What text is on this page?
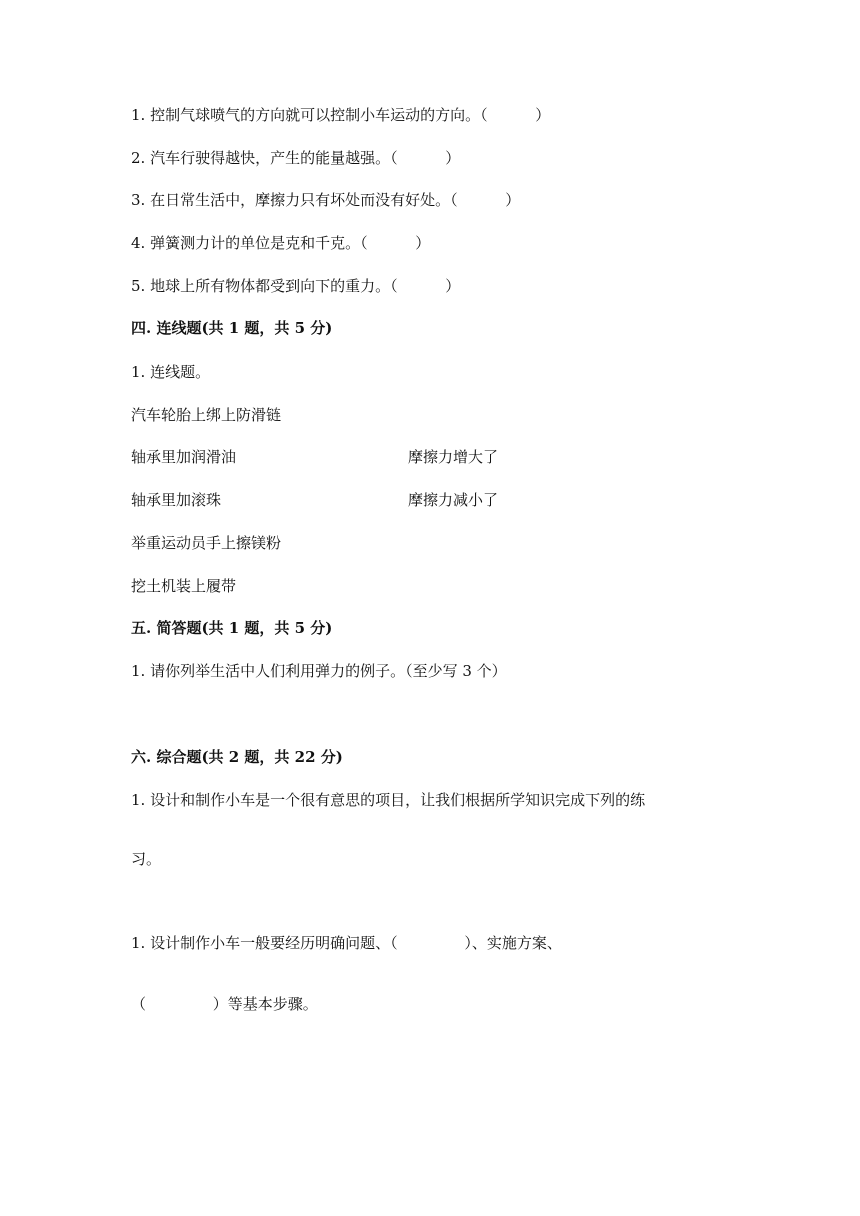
1. 控制气球喷气的方向就可以控制小车运动的方向。（          ）
2. 汽车行驶得越快，产生的能量越强。（          ）
3. 在日常生活中，摩擦力只有坏处而没有好处。（          ）
4. 弹簧测力计的单位是克和千克。（          ）
5. 地球上所有物体都受到向下的重力。（          ）
四. 连线题(共 1 题，共 5 分)
1. 连线题。
汽车轮胎上绑上防滑链
轴承里加润滑油	摩擦力增大了
轴承里加滚珠	摩擦力减小了
举重运动员手上擦镁粉
挖土机装上履带
五. 简答题(共 1 题，共 5 分)
1. 请你列举生活中人们利用弹力的例子。（至少写 3 个）
六. 综合题(共 2 题，共 22 分)
1. 设计和制作小车是一个很有意思的项目，让我们根据所学知识完成下列的练
习。
1. 设计制作小车一般要经历明确问题、（              ）、实施方案、
（              ）等基本步骤。
